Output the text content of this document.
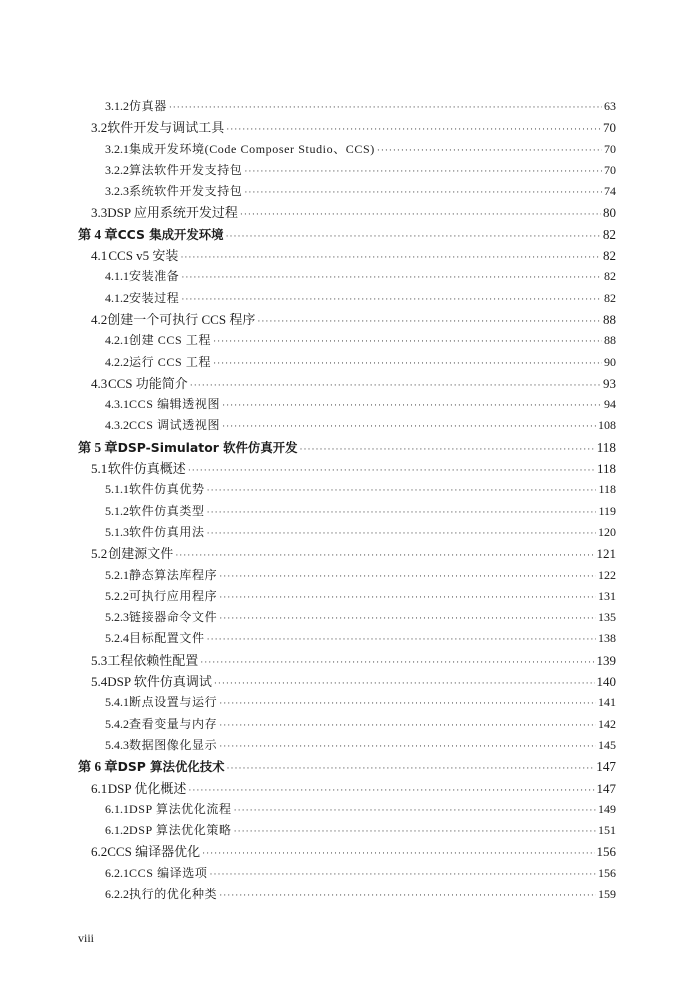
3.1.2 仿真器 ·····	63
3.2 软件开发与调试工具 ·····	70
3.2.1 集成开发环境(Code Composer Studio、CCS) ·····	70
3.2.2 算法软件开发支持包 ·····	70
3.2.3 系统软件开发支持包 ·····	74
3.3 DSP 应用系统开发过程 ·····	80
第 4 章 CCS 集成开发环境 ·····	82
4.1 CCS v5 安装 ·····	82
4.1.1 安装准备 ·····	82
4.1.2 安装过程 ·····	82
4.2 创建一个可执行 CCS 程序 ·····	88
4.2.1 创建 CCS 工程 ·····	88
4.2.2 运行 CCS 工程 ·····	90
4.3 CCS 功能简介 ·····	93
4.3.1 CCS 编辑透视图 ·····	94
4.3.2 CCS 调试透视图 ·····	108
第 5 章 DSP-Simulator 软件仿真开发 ·····	118
5.1 软件仿真概述 ·····	118
5.1.1 软件仿真优势 ·····	118
5.1.2 软件仿真类型 ·····	119
5.1.3 软件仿真用法 ·····	120
5.2 创建源文件 ·····	121
5.2.1 静态算法库程序 ·····	122
5.2.2 可执行应用程序 ·····	131
5.2.3 链接器命令文件 ·····	135
5.2.4 目标配置文件 ·····	138
5.3 工程依赖性配置 ·····	139
5.4 DSP 软件仿真调试 ·····	140
5.4.1 断点设置与运行 ·····	141
5.4.2 查看变量与内存 ·····	142
5.4.3 数据图像化显示 ·····	145
第 6 章 DSP 算法优化技术 ·····	147
6.1 DSP 优化概述 ·····	147
6.1.1 DSP 算法优化流程 ·····	149
6.1.2 DSP 算法优化策略 ·····	151
6.2 CCS 编译器优化 ·····	156
6.2.1 CCS 编译选项 ·····	156
6.2.2 执行的优化种类 ·····	159
viii
